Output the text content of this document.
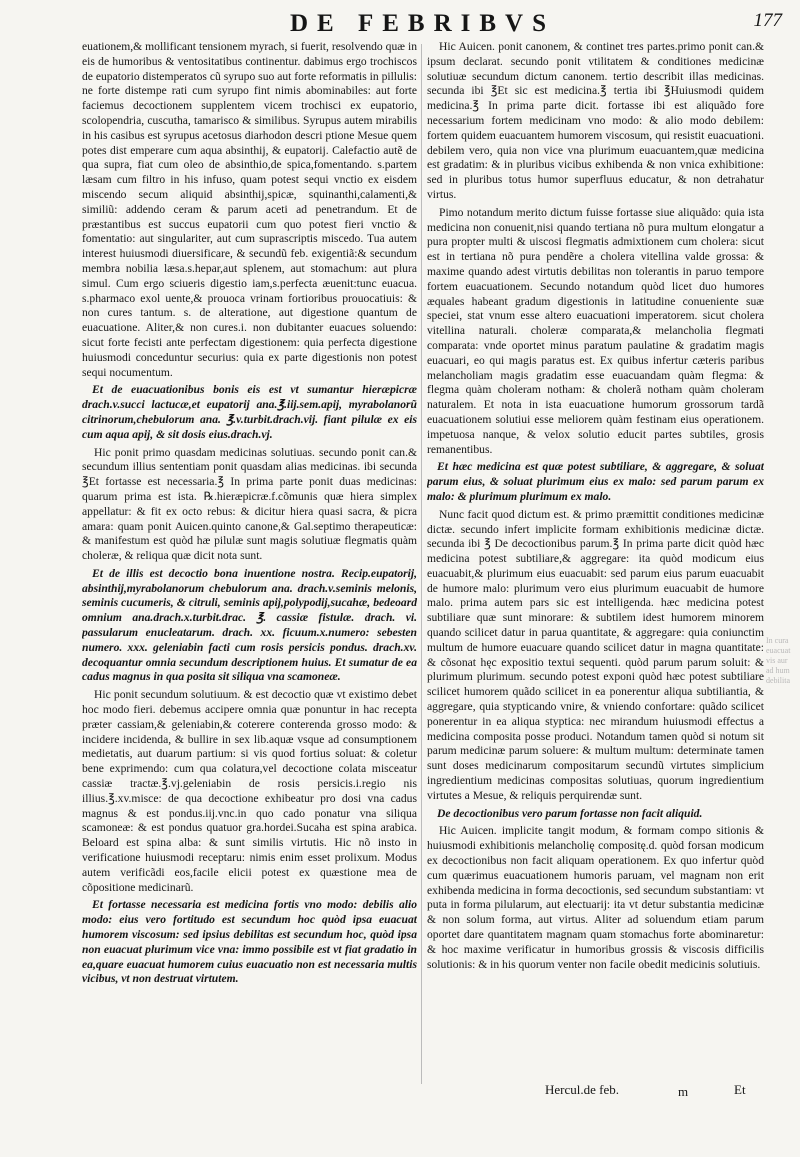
DE FEBRIBVS	177

euationem,& mollificant tensionem myrach, si fuerit, resolvendo quæ in eis de humoribus & ventositatibus continentur. dabimus ergo trochiscos de eupatorio distemperatos cũ syrupo suo aut forte reformatis in pillulis: ne forte distempe rati cum syrupo fint nimis abominabiles: aut forte faciemus decoctionem supplentem vicem trochisci ex eupatorio, scolopendria, cuscutha, tamarisco & similibus. Syrupus autem mirabilis in his casibus est syrupus acetosus diarhodon descri ptione Mesue quem potes dist emperare cum aqua absinthij, & eupatorij. Calefactio autẽ de qua supra, fiat cum oleo de absinthio,de spica,fomentando. s.partem læsam cum filtro in his infuso, quam potest sequi vnctio ex eisdem miscendo secum aliquid absinthij,spicæ, squinanthi,calamenti,& similiũ: addendo ceram & parum aceti ad penetrandum. Et de præstantibus est succus eupatorii cum quo potest fieri vnctio & fomentatio: aut singulariter, aut cum suprascriptis miscedo. Tua autem interest huiusmodi diuersificare, & secundũ feb. exigentiã:& secundum membra nobilia læsa.s.hepar,aut splenem, aut stomachum: aut plura simul. Cum ergo sciueris digestio iam,s.perfecta æuenit:tunc euacua. s.pharmaco exol uente,& prouoca vrinam fortioribus prouocatiuis: & non cures tantum. s. de alteratione, aut digestione quantum de euacuatione. Aliter,& non cures.i. non dubitanter euacues soluendo: sicut forte fecisti ante perfectam digestionem: quia perfecta digestione huiusmodi conceduntur securius: quia ex parte digestionis non potest sequi nocumentum.

Et de euacuationibus bonis eis est vt sumantur hieræpicræ drach.v.succi lactucæ,et eupatorij ana.℥.iij.sem.apij, myrabolanorũ citrinorum,chebulorum ana. ℥.v.turbit.drach.vij. fiant pilulæ ex eis cum aqua apij, & sit dosis eius.drach.vj.

Hic ponit primo quasdam medicinas solutiuas. secundo ponit can.& secundum illius sententiam ponit quasdam alias medicinas. ibi secunda ℥Et fortasse est necessaria.℥ In prima parte ponit duas medicinas: quarum prima est ista. ℞.hieræpicræ.f.cõmunis quæ hiera simplex appellatur: & fit ex octo rebus: & dicitur hiera quasi sacra, & picra amara: quam ponit Auicen.quinto canone,& Gal.septimo therapeuticæ: & manifestum est quòd hæ pilulæ sunt magis solutiuæ flegmatis quàm choleræ, & reliqua quæ dicit nota sunt.

Et de illis est decoctio bona inuentione nostra. Recip.eupatorij, absinthij,myrabolanorum chebulorum ana. drach.v.seminis melonis, seminis cucumeris, & citruli, seminis apij,polypodij,sucahæ, bedeoard omnium ana.drach.x.turbit.drac. ℥. cassiæ fistulæ. drach. vi. passularum enucleatarum. drach. xx. ficuum.x.numero: sebesten numero. xxx. geleniabin facti cum rosis persicis pondus. drach.xv. decoquantur omnia secundum descriptionem huius. Et sumatur de ea cadus magnus in qua posita sit siliqua vna scamoneæ.

Hic ponit secundum solutiuum. & est decoctio quæ vt existimo debet hoc modo fieri. debemus accipere omnia quæ ponuntur in hac recepta præter cassiam,& geleniabin,& coterere conterenda grosso modo: & incidere incidenda, & bullire in sex lib.aquæ vsque ad consumptionem medietatis, aut duarum partium: si vis quod fortius soluat: & coletur bene exprimendo: cum qua colatura,vel decoctione colata misceatur cassiæ tractæ.℥.vj.geleniabin de rosis persicis.i.regio nis illius.℥.xv.misce: de qua decoctione exhibeatur pro dosi vna cadus magnus & est pondus.iij.vnc.in quo cado ponatur vna siliqua scamoneæ: & est pondus quatuor gra.hordei.Sucaha est spina arabica. Beloard est spina alba: & sunt similis virtutis. Hic nõ insto in verificatione huiusmodi receptaru: nimis enim esset prolixum. Modus autem verificãdi eos,facile elicii potest ex quæstione mea de cõpositione medicinarũ.

Et fortasse necessaria est medicina fortis vno modo: debilis alio modo: eius vero fortitudo est secundum hoc quòd ipsa euacuat humorem viscosum: sed ipsius debilitas est secundum hoc, quòd ipsa non euacuat plurimum vice vna: immo possibile est vt fiat gradatio in ea,quare euacuat humorem cuius euacuatio non est necessaria multis vicibus, vt non destruat virtutem.

Hic Auicen. ponit canonem, & continet tres partes.primo ponit can.& ipsum declarat. secundo ponit vtilitatem & conditiones medicinæ solutiuæ secundum dictum canonem. tertio describit illas medicinas. secunda ibi ℥Et sic est medicina.℥ tertia ibi ℥Huiusmodi quidem medicina.℥ In prima parte dicit. fortasse ibi est aliquãdo fore necessarium fortem medicinam vno modo: & alio modo debilem: fortem quidem euacuantem humorem viscosum, qui resistit euacuationi. debilem vero, quia non vice vna plurimum euacuantem,quæ medicina est gradatim: & in pluribus vicibus exhibenda & non vnica exhibitione: sed in pluribus totus humor superfluus educatur, & non detrahatur virtus.

Pimo notandum merito dictum fuisse fortasse siue aliquãdo: quia ista medicina non conuenit,nisi quando tertiana nõ pura multum elongatur a pura propter multi & uiscosi flegmatis admixtionem cum cholera: sicut est in tertiana nõ pura pendẽre a cholera vitellina valde grossa: & maxime quando adest virtutis debilitas non tolerantis in paruo tempore fortem euacuationem. Secundo notandum quòd licet duo humores æquales habeant gradum digestionis in latitudine conueniente suæ speciei, stat vnum esse altero euacuationi imperatorem. sicut cholera vitellina naturali. choleræ comparata,& melancholia flegmati comparata: vnde oportet minus paratum paulatine & gradatim magis euacuari, eo qui magis paratus est. Ex quibus infertur cæteris paribus melancholiam magis gradatim esse euacuandam quàm flegma: & flegma quàm choleram notham: & cholerã notham quàm choleram naturalem. Et nota in ista euacuatione humorum grossorum tardã euacuationem solutiui esse meliorem quàm festinam eius operationem. impetuosa nanque, & velox solutio educit partes subtiles, grosis remanentibus.

Et hæc medicina est quæ potest subtiliare, & aggregare, & soluat parum eius, & soluat plurimum eius ex malo: sed parum parum ex malo: & plurimum plurimum ex malo.

Nunc facit quod dictum est. & primo præmittit conditiones medicinæ dictæ. secundo infert implicite formam exhibitionis medicinæ dictæ. secunda ibi ℥ De decoctionibus parum.℥ In prima parte dicit quòd hæc medicina potest subtiliare,& aggregare: ita quòd modicum eius euacuabit,& plurimum eius euacuabit: sed parum eius parum euacuabit de humore malo: plurimum vero eius plurimum euacuabit de humore malo. prima autem pars sic est intelligenda. hæc medicina potest subtiliare quæ sunt minorare: & subtilem idest humorem minorem quando scilicet datur in parua quantitate, & aggregare: quia coniunctim multum de humore euacuare quando scilicet datur in magna quantitate: & cõsonat hęc expositio textui sequenti. quòd parum parum soluit: & plurimum plurimum. secundo potest exponi quòd hæc potest subtiliare scilicet humorem quãdo scilicet in ea ponerentur aliqua subtiliantia, & aggregare, quia stypticando vnire, & vniendo confortare: quãdo scilicet ponerentur in ea aliqua styptica: nec mirandum huiusmodi effectus a medicina composita posse produci. Notandum tamen quòd si notum sit parum medicinæ parum soluere: & multum multum: determinate tamen sunt doses medicinarum compositarum secundũ virtutes simplicium ingredientium medicinas compositas solutiuas, quorum ingredientium virtutes a Mesue, & reliquis perquirendæ sunt.

De decoctionibus vero parum fortasse non facit aliquid.

Hic Auicen. implicite tangit modum, & formam compo sitionis & huiusmodi exhibitionis melancholię compositę.d. quòd forsan modicum ex decoctionibus non facit aliquam operationem. Ex quo infertur quòd cum quærimus euacuationem humoris paruam, vel magnam non erit exhibenda medicina in forma decoctionis, sed secundum substantiam: vt puta in forma pilularum, aut electuarij: ita vt detur substantia medicinæ & non solum forma, aut virtus. Aliter ad soluendum etiam parum oportet dare quantitatem magnam quam stomachus forte abominaretur: & hoc maxime verificatur in humoribus grossis & viscosis difficilis solutionis: & in his quorum venter non facile obedit medicinis solutiuis.

In cura
euacuat
vis aur
ad hum
debilita
Hercul.de feb.	m	Et
